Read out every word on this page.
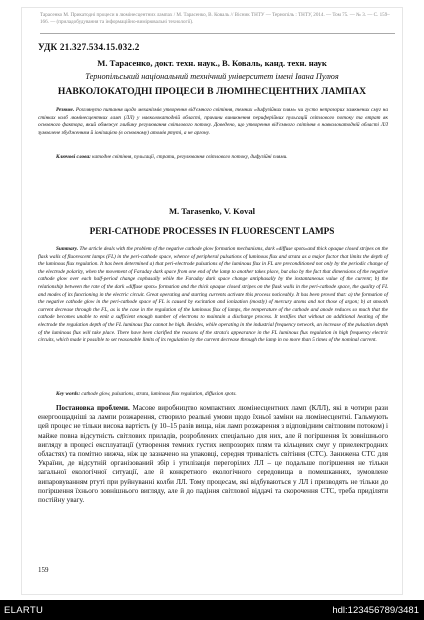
Тарасенко М. Прикатодні процеси в люмінесцентних лампах / М. Тарасенко, В. Коваль // Вісник ТНТУ — Тернопіль : ТНТУ, 2014. — Том 75. — № 3. — С. 159–166. — (приладобудування та інформаційно-вимірювальні технології).
УДК 21.327.534.15.032.2
М. Тарасенко, докт. техн. наук., В. Коваль, канд. техн. наук
Тернопільський національний технічний університет імені Івана Пулюя
НАВКОЛОКАТОДНІ ПРОЦЕСИ В ЛЮМІНЕСЦЕНТНИХ ЛАМПАХ

Резюме. Розглянуто питання щодо механізмів утворення від'ємного світіння, темних «дифузійних плям» чи густо непрозорих замкнених смуг на стінках колб люмінесцентних ламп (ЛЛ) у навколокатодній області, причини виникнення периферійних пульсацій світлового потоку та втрат як основного фактора, який обмежує глибину регулювання світлового потоку. Доведено, що утворення від'ємного світіння в навколокатодній області ЛЛ зумовлене збудженням й іонізацією (в основному) атомів ртуті, а не аргону.

Ключові слова: катодне світіння, пульсації, страти, регулювання світлового потоку, дифузійні плями.

M. Tarasenko, V. Koval
PERI-CATHODE PROCESSES IN FLUORESCENT LAMPS

Summary. The article deals with the problem of the negative cathode glow formation mechanisms, dark «diffuse spots»and thick opaque closed stripes on the flask walls of fluorescent lamps (FL) in the peri-cathode space, whence of peripheral pulsations of luminous flux and strata as a major factor that limits the depth of the luminous flux regulation. It has been determined a) that peri-electrode pulsations of the luminous flux in FL are preconditioned not only by the periodic change of the electrode polarity, when the movement of Faraday dark space from one end of the lamp to another takes place, but also by the fact that dimensions of the negative cathode glow over each half-period change cophasally while the Faraday dark space change antiphasally by the instantaneous value of the current; b) the relationship between the rate of the dark «diffuse spots» formation and the thick opaque closed stripes on the flask walls in the peri-cathode space, the quality of FL and modes of its functioning in the electric circuit. Great operating and starting currents activate this process noticeably. It has been proved that: a) the formation of the negative cathode glow in the peri-cathode space of FL is caused by excitation and ionization (mostly) of mercury atoms and not those of argon; b) at smooth current decrease through the FL, as is the case in the regulation of the luminous flux of lamps, the temperature of the cathode and anode reduces so much that the cathode becomes unable to emit a sufficient enough number of electrons to maintain a discharge process. It testifies that without an additional heating of the electrode the regulation depth of the FL luminous flux cannot be high. Besides, while operating in the industrial frequency network, an increase of the pulsation depth of the luminous flux will take place. There have been clarified the reasons of the strata's appearance in the FL luminous flux regulation in high frequency electric circuits, which made it possible to set reasonable limits of its regulation by the current decrease through the lamp in no more than 5 times of the nominal current.

Key words: cathode glow, pulsations, strata, luminous flux regulation, diffusion spots.

Постановка проблеми. Масове виробництво компактних люмінесцентних ламп (КЛЛ), які в чотири рази енергоощадніші за лампи розжарення, створило реальні умови щодо їхньої заміни на люмінесцентні. Гальмують цей процес не тільки висока вартість (у 10–15 разів вища, ніж ламп розжарення з відповідним світловим потоком) і майже повна відсутність світлових приладів, розроблених спеціально для них, але й погіршення їх зовнішнього вигляду в процесі експлуатації (утворення темних густих непрозорих плям та кільцевих смуг у приелектродних областях) та помітно нижча, ніж це зазначено на упаковці, середня тривалість світіння (СТС). Занижена СТС для України, де відсутній організований збір і утилізація перегорілих ЛЛ – це подальше погіршення не тільки загальної екологічної ситуації, але й конкретного екологічного середовища в помешканнях, зумовлене випаровуванням ртуті при руйнуванні колби ЛЛ. Тому процесам, які відбуваються у ЛЛ і призводять не тільки до погіршення їхнього зовнішнього вигляду, але й до падіння світлової віддачі та скорочення СТС, треба приділяти постійну увагу.

159
ELARTU	hdl:123456789/3481
